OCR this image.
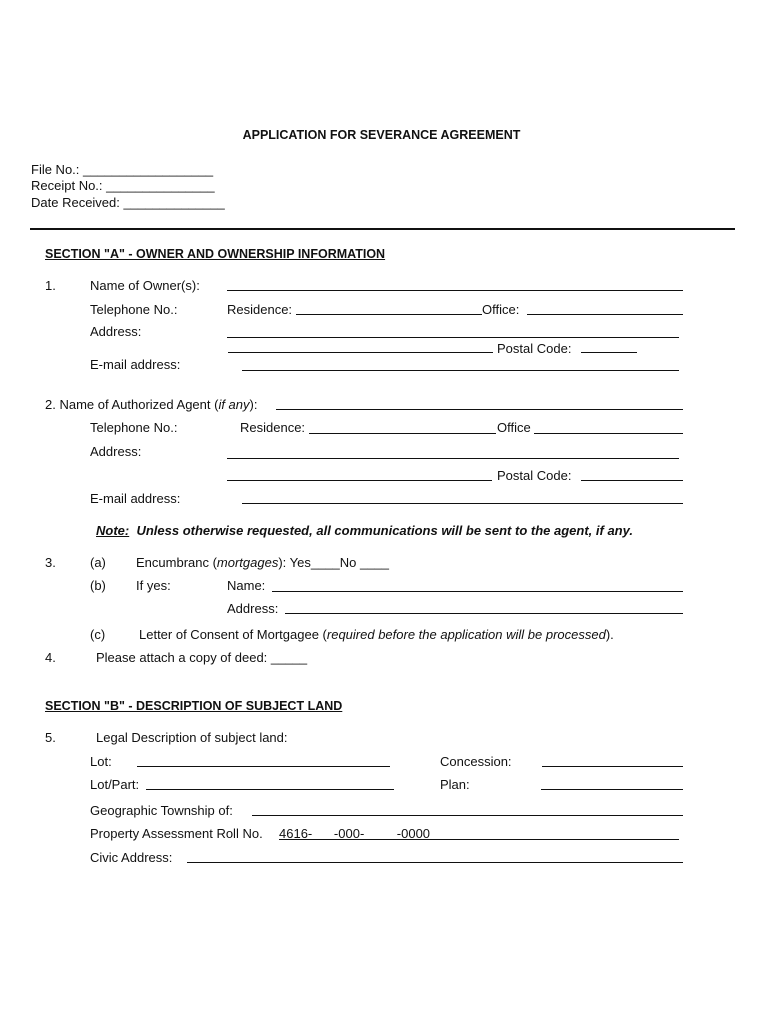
APPLICATION FOR SEVERANCE AGREEMENT
File No.: __________________
Receipt No.: _______________
Date Received: ______________
SECTION "A" - OWNER AND OWNERSHIP INFORMATION
1.	Name of Owner(s):
Telephone No.:	Residence:	Office:
Address:
Postal Code:
E-mail address:
2. Name of Authorized Agent (if any):
Telephone No.:	Residence:	Office
Address:
Postal Code:
E-mail address:
Note: Unless otherwise requested, all communications will be sent to the agent, if any.
3.	(a) Encumbranc (mortgages): Yes____No ____
(b) If yes:	Name:
Address:
(c)	Letter of Consent of Mortgagee (required before the application will be processed).
4.	Please attach a copy of deed: _____
SECTION "B" - DESCRIPTION OF SUBJECT LAND
5.	Legal Description of subject land:
Lot:	Concession:
Lot/Part:	Plan:
Geographic Township of:
Property Assessment Roll No. 4616-      -000-         -0000
Civic Address:
